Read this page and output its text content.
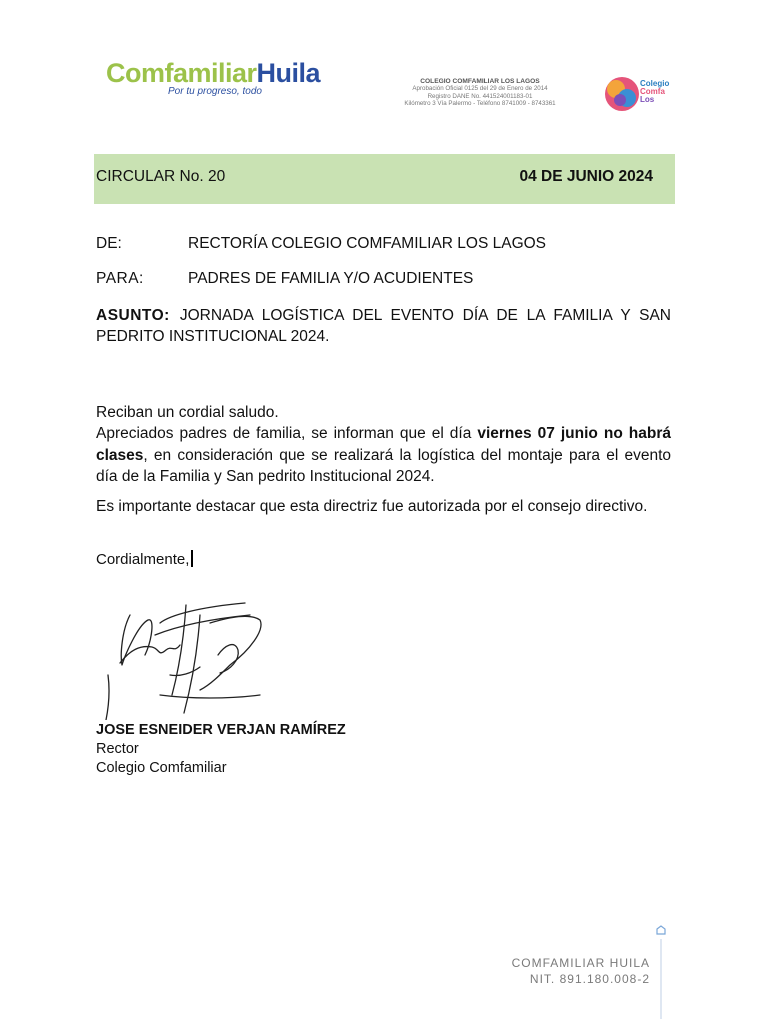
ComfamiliarHuila
Por tu progreso, todo
COLEGIO COMFAMILIAR LOS LAGOS
Aprobación Oficial 0125 del 29 de Enero de 2014
Registro DANE No. 441524001183-01
Kilómetro 3 Vía Palermo - Teléfono 8741009 - 8743361
Colegio
Comfa
Los
CIRCULAR No. 20	04 DE JUNIO 2024
DE:	RECTORÍA COLEGIO COMFAMILIAR LOS LAGOS
PARA:	PADRES DE FAMILIA Y/O ACUDIENTES
ASUNTO: JORNADA LOGÍSTICA DEL EVENTO DÍA DE LA FAMILIA Y SAN PEDRITO INSTITUCIONAL 2024.
Reciban un cordial saludo.
Apreciados padres de familia, se informan que el día viernes 07 junio no habrá clases, en consideración que se realizará la logística del montaje para el evento día de la Familia y San pedrito Institucional 2024.
Es importante destacar que esta directriz fue autorizada por el consejo directivo.
Cordialmente,
JOSE ESNEIDER VERJAN RAMÍREZ
Rector
Colegio Comfamiliar
COMFAMILIAR HUILA
NIT. 891.180.008-2
